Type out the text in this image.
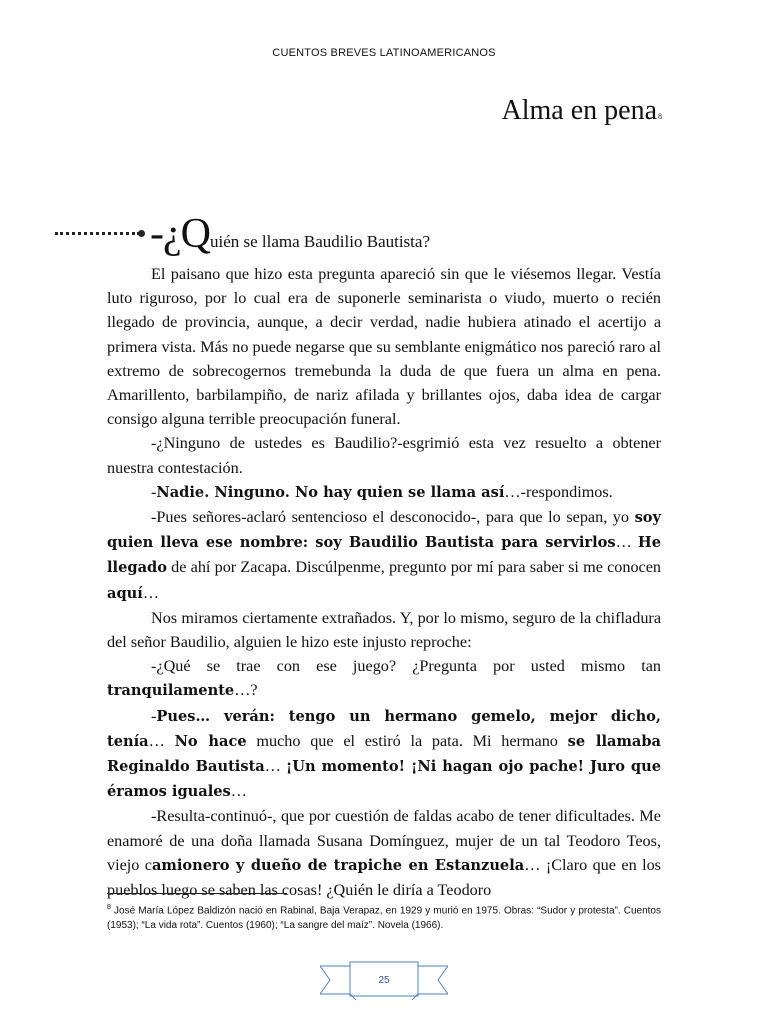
CUENTOS BREVES LATINOAMERICANOS
Alma en pena$^8$
-¿Quién se llama Baudilio Bautista?

El paisano que hizo esta pregunta apareció sin que le viésemos llegar. Vestía luto riguroso, por lo cual era de suponerle seminarista o viudo, muerto o recién llegado de provincia, aunque, a decir verdad, nadie hubiera atinado el acertijo a primera vista. Más no puede negarse que su semblante enigmático nos pareció raro al extremo de sobrecogernos tremebunda la duda de que fuera un alma en pena. Amarillento, barbilampiño, de nariz afilada y brillantes ojos, daba idea de cargar consigo alguna terrible preocupación funeral.

-¿Ninguno de ustedes es Baudilio?-esgrimió esta vez resuelto a obtener nuestra contestación.

-Nadie. Ninguno. No hay quien se llama así…-respondimos.

-Pues señores-aclaró sentencioso el desconocido-, para que lo sepan, yo soy quien lleva ese nombre: soy Baudilio Bautista para servirlos… He llegado de ahí por Zacapa. Discúlpenme, pregunto por mí para saber si me conocen aquí…

Nos miramos ciertamente extrañados. Y, por lo mismo, seguro de la chifladura del señor Baudilio, alguien le hizo este injusto reproche:

-¿Qué se trae con ese juego? ¿Pregunta por usted mismo tan tranquilamente…?

-Pues… verán: tengo un hermano gemelo, mejor dicho, tenía… No hace mucho que el estiró la pata. Mi hermano se llamaba Reginaldo Bautista… ¡Un momento! ¡Ni hagan ojo pache! Juro que éramos iguales…

-Resulta-continuó-, que por cuestión de faldas acabo de tener dificultades. Me enamoré de una doña llamada Susana Domínguez, mujer de un tal Teodoro Teos, viejo camionero y dueño de trapiche en Estanzuela… ¡Claro que en los pueblos luego se saben las cosas! ¿Quién le diría a Teodoro

$^8$ José María López Baldizón nació en Rabinal, Baja Verapaz, en 1929 y murió en 1975. Obras: “Sudor y protesta”. Cuentos (1953); “La vida rota”. Cuentos (1960); “La sangre del maíz”. Novela (1966).
25
